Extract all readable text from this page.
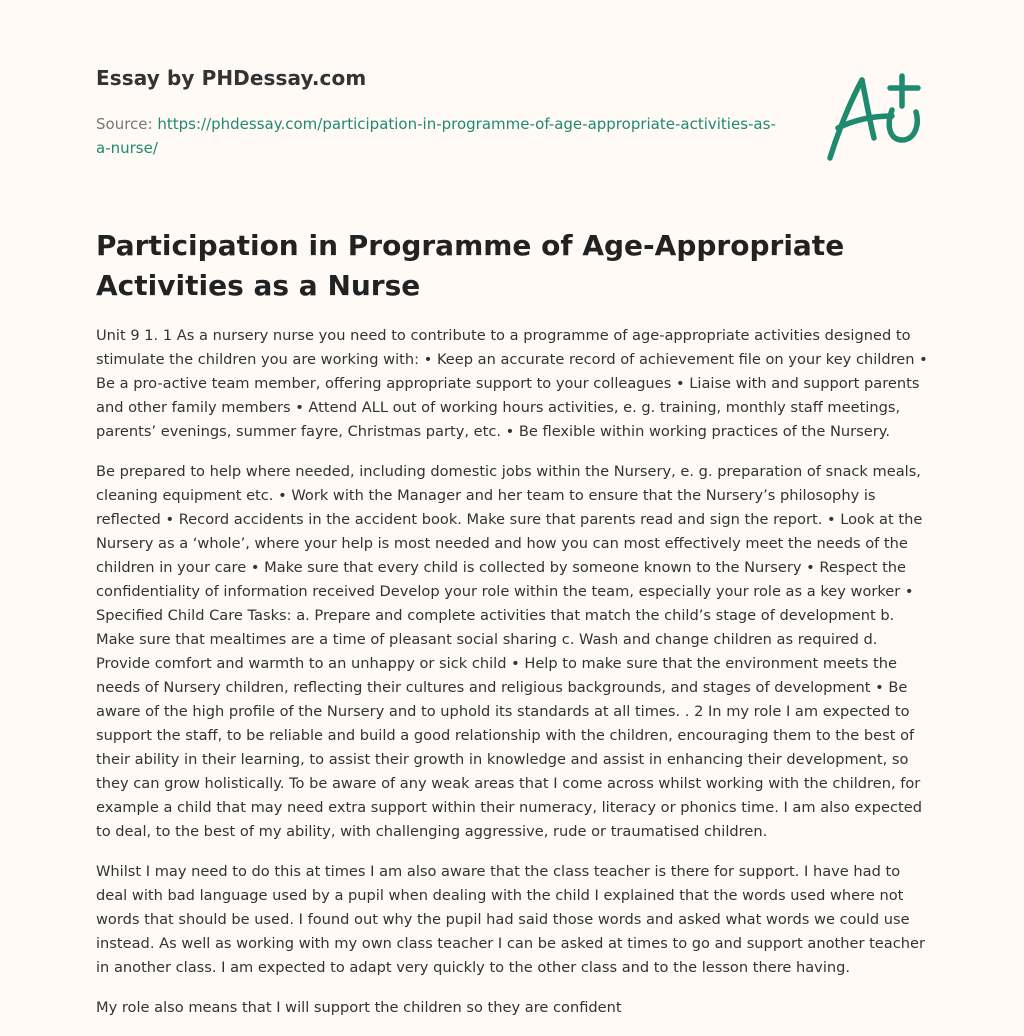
Essay by PHDessay.com

Source: https://phdessay.com/participation-in-programme-of-age-appropriate-activities-as-a-nurse/

Participation in Programme of Age-Appropriate Activities as a Nurse

Unit 9 1. 1 As a nursery nurse you need to contribute to a programme of age-appropriate activities designed to stimulate the children you are working with: • Keep an accurate record of achievement file on your key children • Be a pro-active team member, offering appropriate support to your colleagues • Liaise with and support parents and other family members • Attend ALL out of working hours activities, e. g. training, monthly staff meetings, parents’ evenings, summer fayre, Christmas party, etc. • Be flexible within working practices of the Nursery.

Be prepared to help where needed, including domestic jobs within the Nursery, e. g. preparation of snack meals, cleaning equipment etc. • Work with the Manager and her team to ensure that the Nursery’s philosophy is reflected • Record accidents in the accident book. Make sure that parents read and sign the report. • Look at the Nursery as a ‘whole’, where your help is most needed and how you can most effectively meet the needs of the children in your care • Make sure that every child is collected by someone known to the Nursery • Respect the confidentiality of information received Develop your role within the team, especially your role as a key worker • Specified Child Care Tasks: a. Prepare and complete activities that match the child’s stage of development b. Make sure that mealtimes are a time of pleasant social sharing c. Wash and change children as required d. Provide comfort and warmth to an unhappy or sick child • Help to make sure that the environment meets the needs of Nursery children, reflecting their cultures and religious backgrounds, and stages of development • Be aware of the high profile of the Nursery and to uphold its standards at all times. . 2 In my role I am expected to support the staff, to be reliable and build a good relationship with the children, encouraging them to the best of their ability in their learning, to assist their growth in knowledge and assist in enhancing their development, so they can grow holistically. To be aware of any weak areas that I come across whilst working with the children, for example a child that may need extra support within their numeracy, literacy or phonics time. I am also expected to deal, to the best of my ability, with challenging aggressive, rude or traumatised children.

Whilst I may need to do this at times I am also aware that the class teacher is there for support. I have had to deal with bad language used by a pupil when dealing with the child I explained that the words used where not words that should be used. I found out why the pupil had said those words and asked what words we could use instead. As well as working with my own class teacher I can be asked at times to go and support another teacher in another class. I am expected to adapt very quickly to the other class and to the lesson there having.

My role also means that I will support the children so they are confident
